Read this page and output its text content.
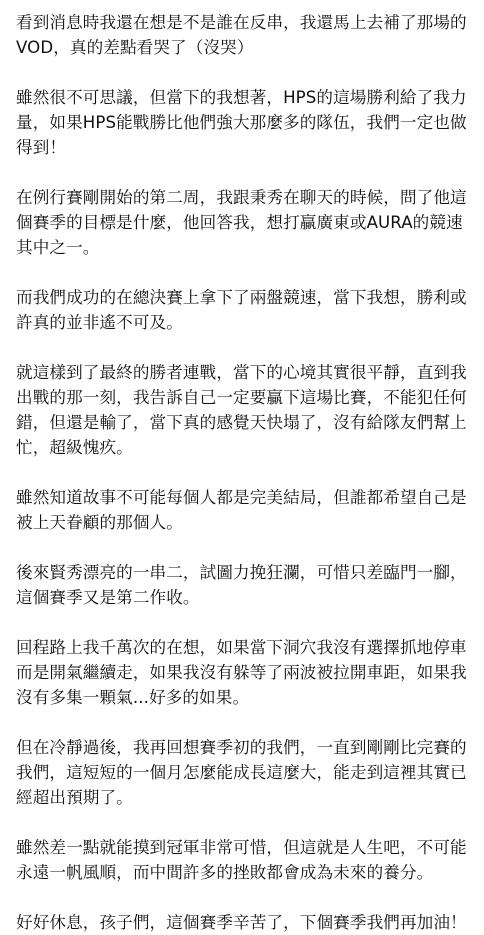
看到消息時我還在想是不是誰在反串，我還馬上去補了那場的VOD，真的差點看哭了（沒哭）

雖然很不可思議，但當下的我想著，HPS的這場勝利給了我力量，如果HPS能戰勝比他們強大那麼多的隊伍，我們一定也做得到！

在例行賽剛開始的第二周，我跟秉秀在聊天的時候，問了他這個賽季的目標是什麼，他回答我，想打贏廣東或AURA的競速其中之一。

而我們成功的在總決賽上拿下了兩盤競速，當下我想，勝利或許真的並非遙不可及。

就這樣到了最終的勝者連戰，當下的心境其實很平靜，直到我出戰的那一刻，我告訴自己一定要贏下這場比賽，不能犯任何錯，但還是輸了，當下真的感覺天快塌了，沒有給隊友們幫上忙，超級愧疚。

雖然知道故事不可能每個人都是完美結局，但誰都希望自己是被上天眷顧的那個人。

後來賢秀漂亮的一串二，試圖力挽狂瀾，可惜只差臨門一腳，這個賽季又是第二作收。

回程路上我千萬次的在想，如果當下洞穴我沒有選擇抓地停車而是開氣繼續走，如果我沒有躲等了兩波被拉開車距，如果我沒有多集一顆氣...好多的如果。

但在冷靜過後，我再回想賽季初的我們，一直到剛剛比完賽的我們，這短短的一個月怎麼能成長這麼大，能走到這裡其實已經超出預期了。

雖然差一點就能摸到冠軍非常可惜，但這就是人生吧，不可能永遠一帆風順，而中間許多的挫敗都會成為未來的養分。

好好休息，孩子們，這個賽季辛苦了，下個賽季我們再加油！
